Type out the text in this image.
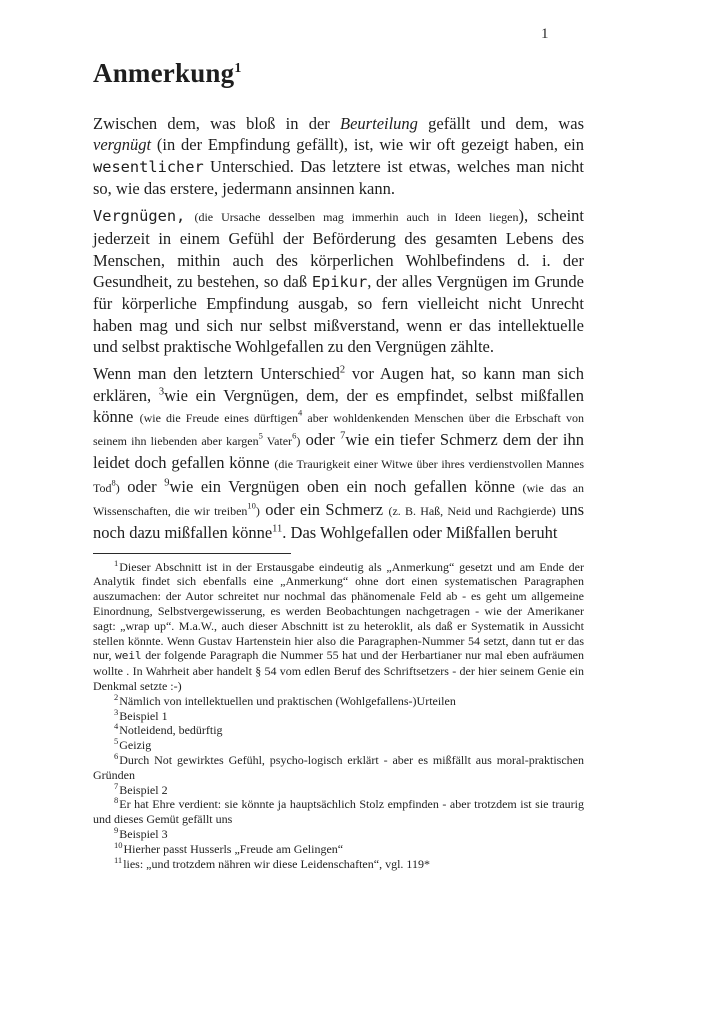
1
Anmerkung$^1$

Zwischen dem, was bloß in der Beurteilung gefällt und dem, was vergnügt (in der Empfindung gefällt), ist, wie wir oft gezeigt haben, ein wesentlicher Unterschied. Das letztere ist etwas, welches man nicht so, wie das erstere, jedermann ansinnen kann.

Vergnügen, (die Ursache desselben mag immerhin auch in Ideen liegen), scheint jederzeit in einem Gefühl der Beförderung des gesamten Lebens des Menschen, mithin auch des körperlichen Wohlbefindens d. i. der Gesundheit, zu bestehen, so daß Epikur, der alles Vergnügen im Grunde für körperliche Empfindung ausgab, so fern vielleicht nicht Unrecht haben mag und sich nur selbst mißverstand, wenn er das intellektuelle und selbst praktische Wohlgefallen zu den Vergnügen zählte.

Wenn man den letztern Unterschied$^2$ vor Augen hat, so kann man sich erklären, $^3$wie ein Vergnügen, dem, der es empfindet, selbst mißfallen könne (wie die Freude eines dürftigen$^4$ aber wohldenkenden Menschen über die Erbschaft von seinem ihn liebenden aber kargen$^5$ Vater$^6$) oder $^7$wie ein tiefer Schmerz dem der ihn leidet doch gefallen könne (die Traurigkeit einer Witwe über ihres verdienstvollen Mannes Tod$^8$) oder $^9$wie ein Vergnügen oben ein noch gefallen könne (wie das an Wissenschaften, die wir treiben$^{10}$) oder ein Schmerz (z. B. Haß, Neid und Rachgierde) uns noch dazu mißfallen könne$^{11}$. Das Wohlgefallen oder Mißfallen beruht

$^1$Dieser Abschnitt ist in der Erstausgabe eindeutig als „Anmerkung“ gesetzt und am Ende der Analytik findet sich ebenfalls eine „Anmerkung“ ohne dort einen systematischen Paragraphen auszumachen: der Autor schreitet nur nochmal das phänomenale Feld ab - es geht um allgemeine Einordnung, Selbstvergewisserung, es werden Beobachtungen nachgetragen - wie der Amerikaner sagt: „wrap up“. M.a.W., auch dieser Abschnitt ist zu heteroklit, als daß er Systematik in Aussicht stellen könnte. Wenn Gustav Hartenstein hier also die Paragraphen-Nummer 54 setzt, dann tut er das nur, weil der folgende Paragraph die Nummer 55 hat und der Herbartianer nur mal eben aufräumen wollte . In Wahrheit aber handelt § 54 vom edlen Beruf des Schriftsetzers - der hier seinem Genie ein Denkmal setzte :-)

$^2$Nämlich von intellektuellen und praktischen (Wohlgefallens-)Urteilen

$^3$Beispiel 1

$^4$Notleidend, bedürftig

$^5$Geizig

$^6$Durch Not gewirktes Gefühl, psycho-logisch erklärt - aber es mißfällt aus moral-praktischen Gründen

$^7$Beispiel 2

$^8$Er hat Ehre verdient: sie könnte ja hauptsächlich Stolz empfinden - aber trotzdem ist sie traurig und dieses Gemüt gefällt uns

$^9$Beispiel 3

$^{10}$Hierher passt Husserls „Freude am Gelingen“

$^{11}$lies: „und trotzdem nähren wir diese Leidenschaften“, vgl. 119*
